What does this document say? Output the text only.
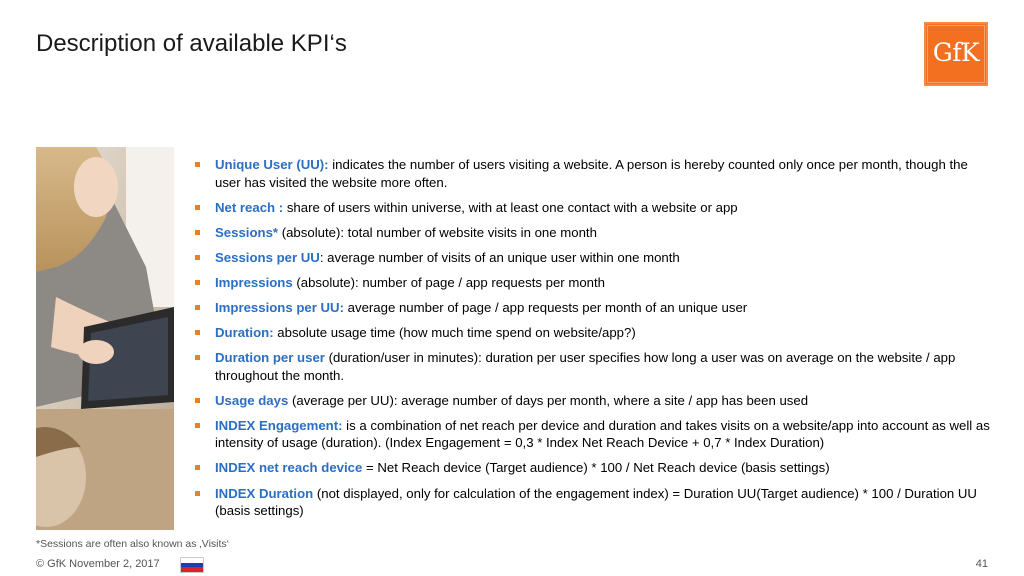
Description of available KPI‘s	GfK
Unique User (UU): indicates the number of users visiting a website. A person is hereby counted only once per month, though the user has visited the website more often.
Net reach : share of users within universe, with at least one contact with a website or app
Sessions* (absolute): total number of website visits in one month
Sessions per UU: average number of visits of an unique user within one month
Impressions (absolute): number of page / app requests per month
Impressions per UU: average number of page / app requests per month of an unique user
Duration: absolute usage time (how much time spend on website/app?)
Duration per user (duration/user in minutes): duration per user specifies how long a user was on average on the website / app throughout the month.
Usage days (average per UU): average number of days per month, where a site / app has been used
INDEX Engagement: is a combination of net reach per device and duration and takes visits on a website/app into account as well as intensity of usage (duration). (Index Engagement = 0,3 * Index Net Reach Device + 0,7 * Index Duration)
INDEX net reach device = Net Reach device (Target audience) * 100 / Net Reach device (basis settings)
INDEX Duration (not displayed, only for calculation of the engagement index) = Duration UU(Target audience) * 100 / Duration UU (basis settings)
*Sessions are often also known as ‚Visits‘
© GfK November 2, 2017	41
